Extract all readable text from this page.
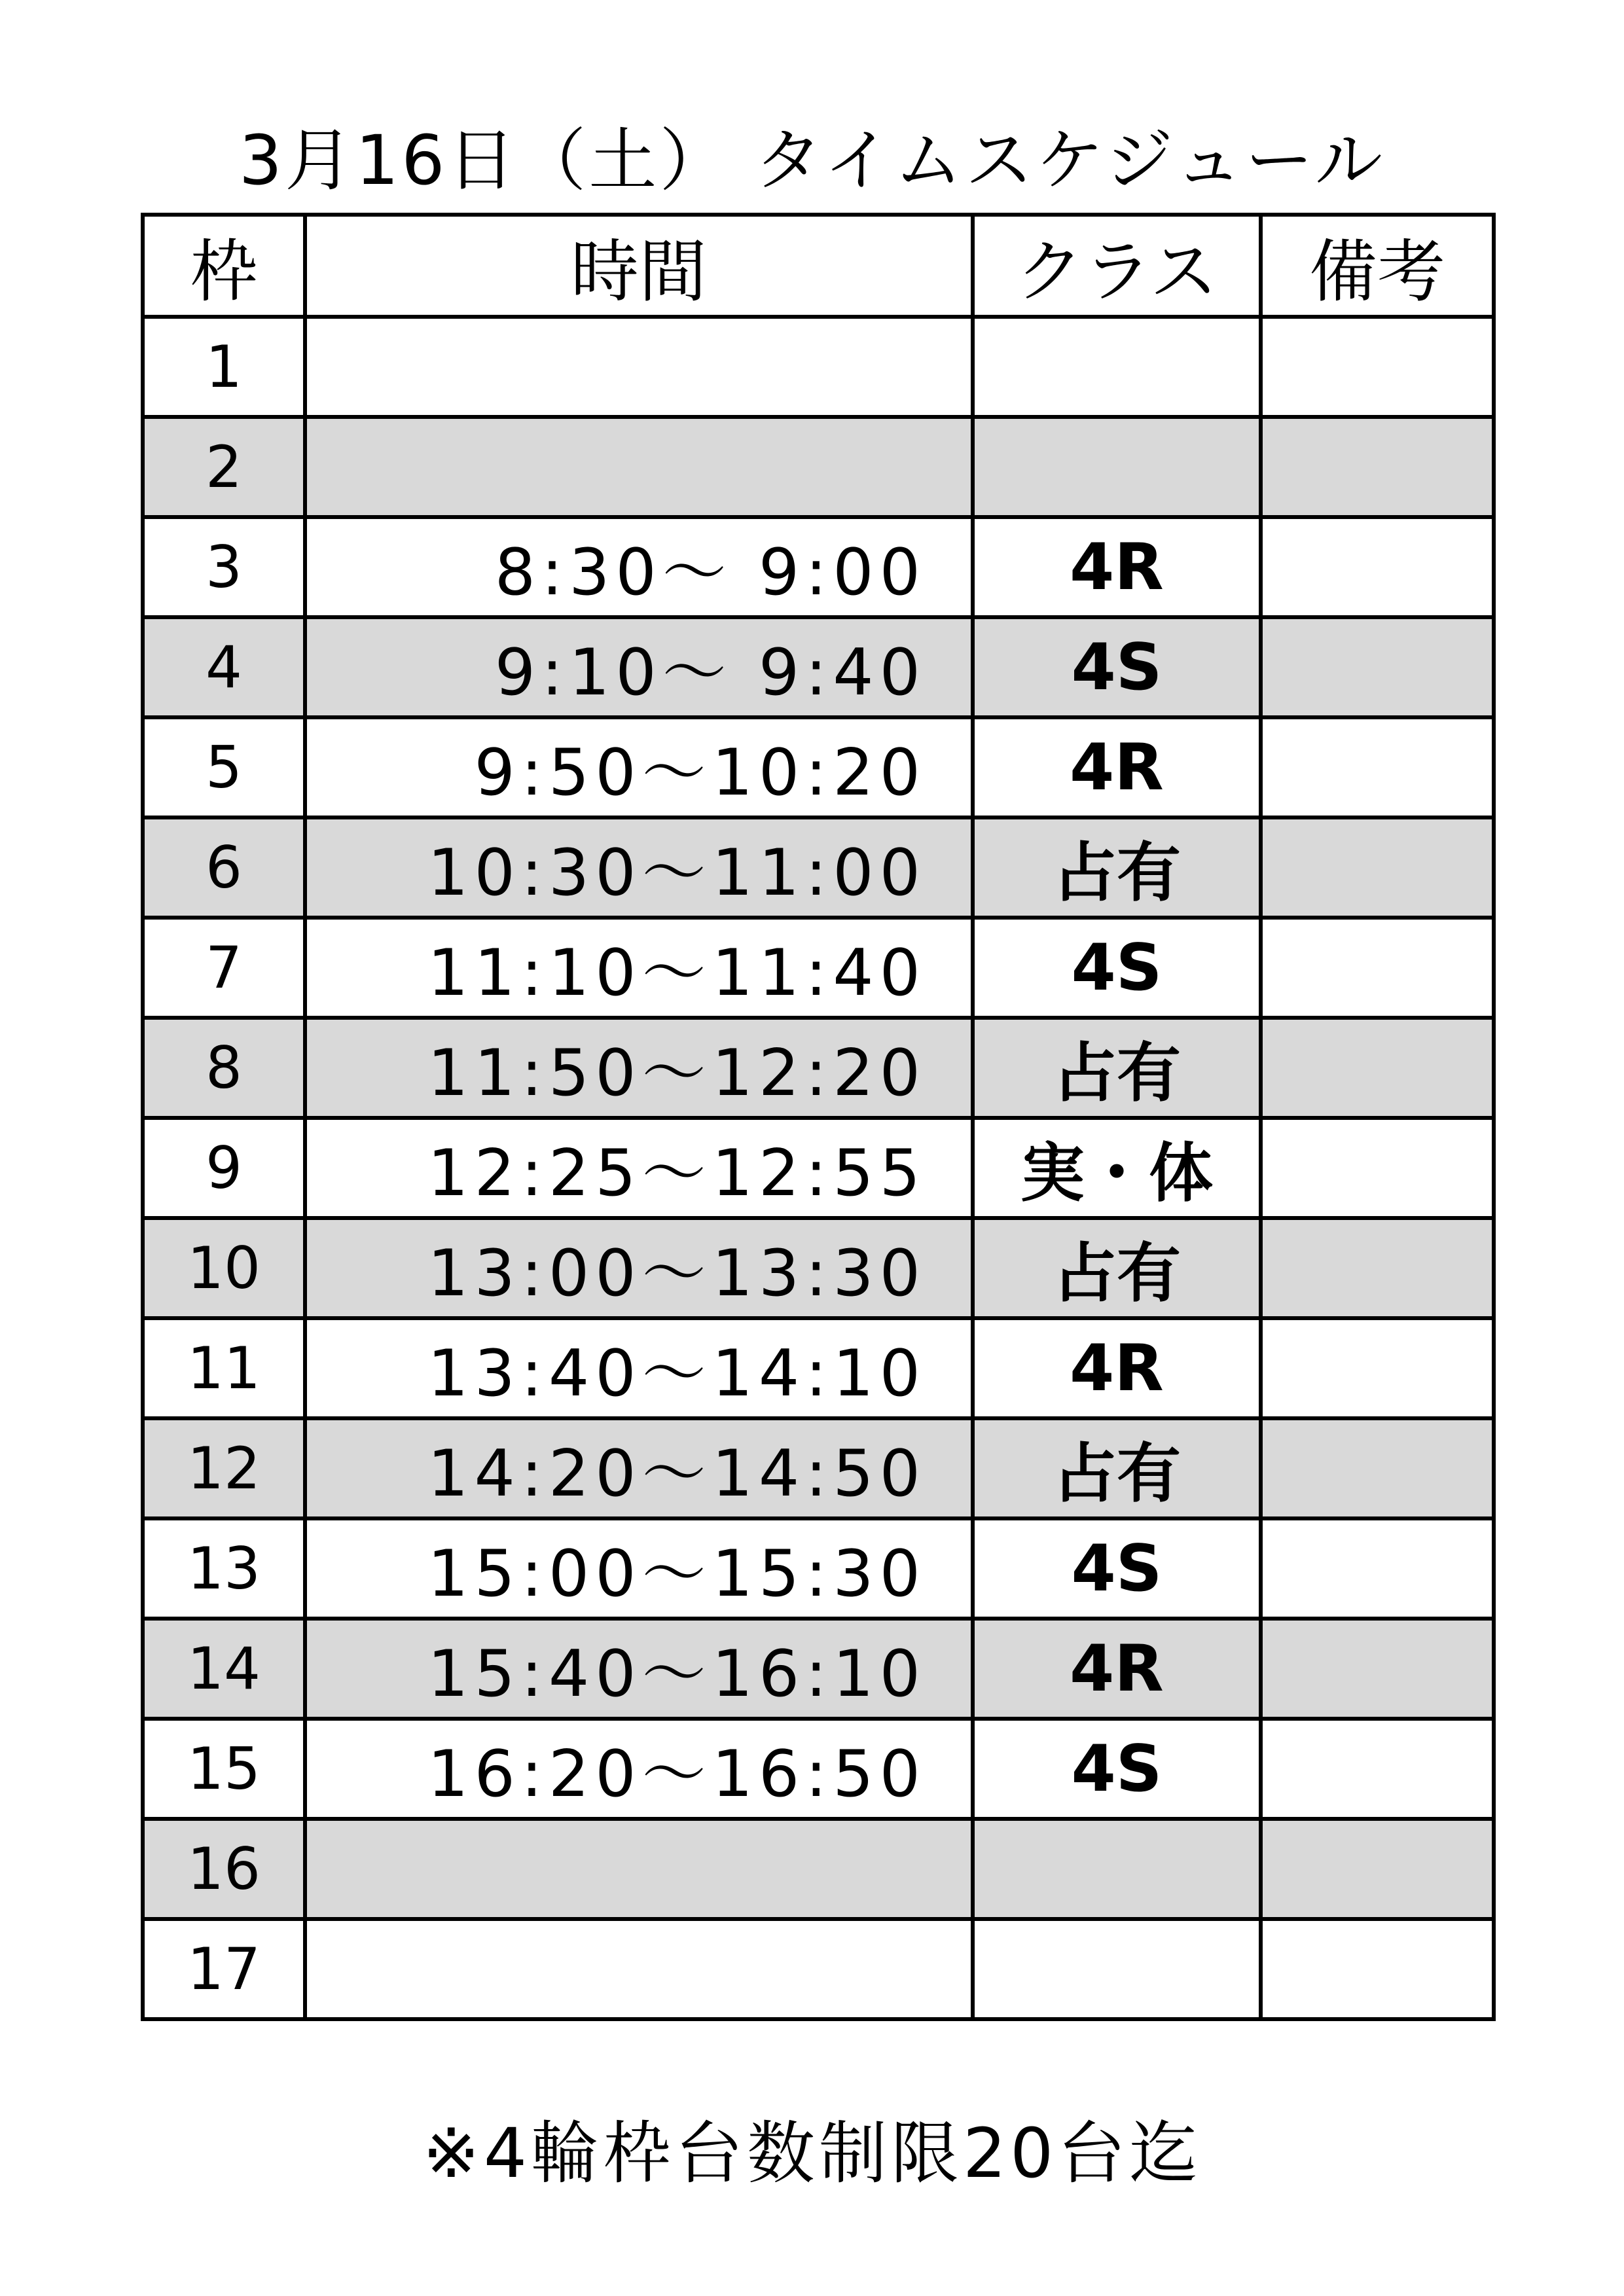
3月16日（土） タイムスケジュール
枠	時間	クラス	備考
1			
2			
3	8:30～ 9:00	4R	
4	9:10～ 9:40	4S	
5	9:50～10:20	4R	
6	10:30～11:00	占有	
7	11:10～11:40	4S	
8	11:50～12:20	占有	
9	12:25～12:55	実・体	
10	13:00～13:30	占有	
11	13:40～14:10	4R	
12	14:20～14:50	占有	
13	15:00～15:30	4S	
14	15:40～16:10	4R	
15	16:20～16:50	4S	
16			
17			
※4輪枠台数制限20台迄
